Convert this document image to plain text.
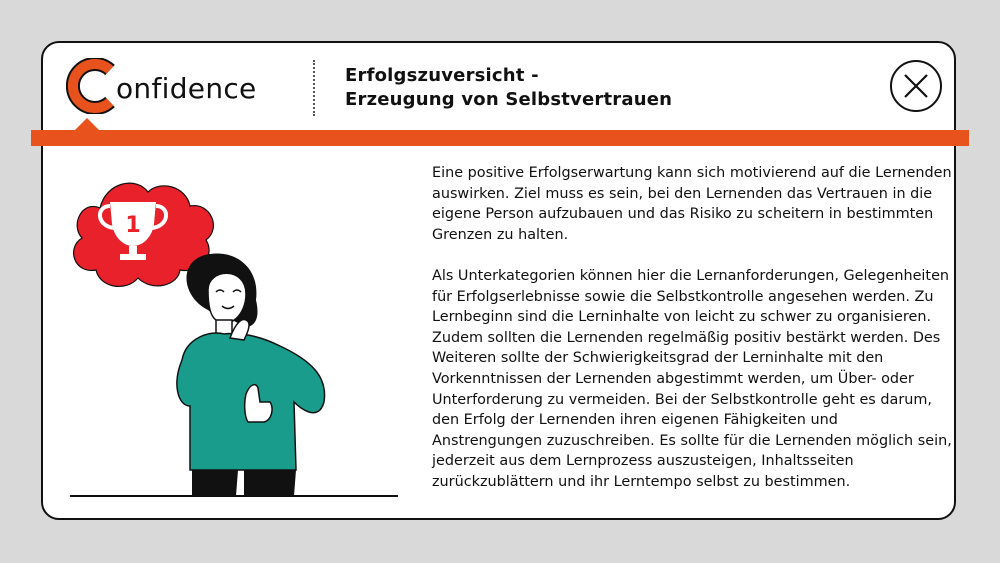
onfidence	Erfolgszuversicht -
Erzeugung von Selbstvertrauen
1

Eine positive Erfolgserwartung kann sich motivierend auf die Lernenden auswirken. Ziel muss es sein, bei den Lernenden das Vertrauen in die eigene Person aufzubauen und das Risiko zu scheitern in bestimmten Grenzen zu halten.

Als Unterkategorien können hier die Lernanforderungen, Gelegenheiten für Erfolgserlebnisse sowie die Selbstkontrolle angesehen werden. Zu Lernbeginn sind die Lerninhalte von leicht zu schwer zu organisieren. Zudem sollten die Lernenden regelmäßig positiv bestärkt werden. Des Weiteren sollte der Schwierigkeitsgrad der Lerninhalte mit den Vorkenntnissen der Lernenden abgestimmt werden, um Über- oder Unterforderung zu vermeiden. Bei der Selbstkontrolle geht es darum, den Erfolg der Lernenden ihren eigenen Fähigkeiten und Anstrengungen zuzuschreiben. Es sollte für die Lernenden möglich sein, jederzeit aus dem Lernprozess auszusteigen, Inhaltsseiten zurückzublättern und ihr Lerntempo selbst zu bestimmen.
